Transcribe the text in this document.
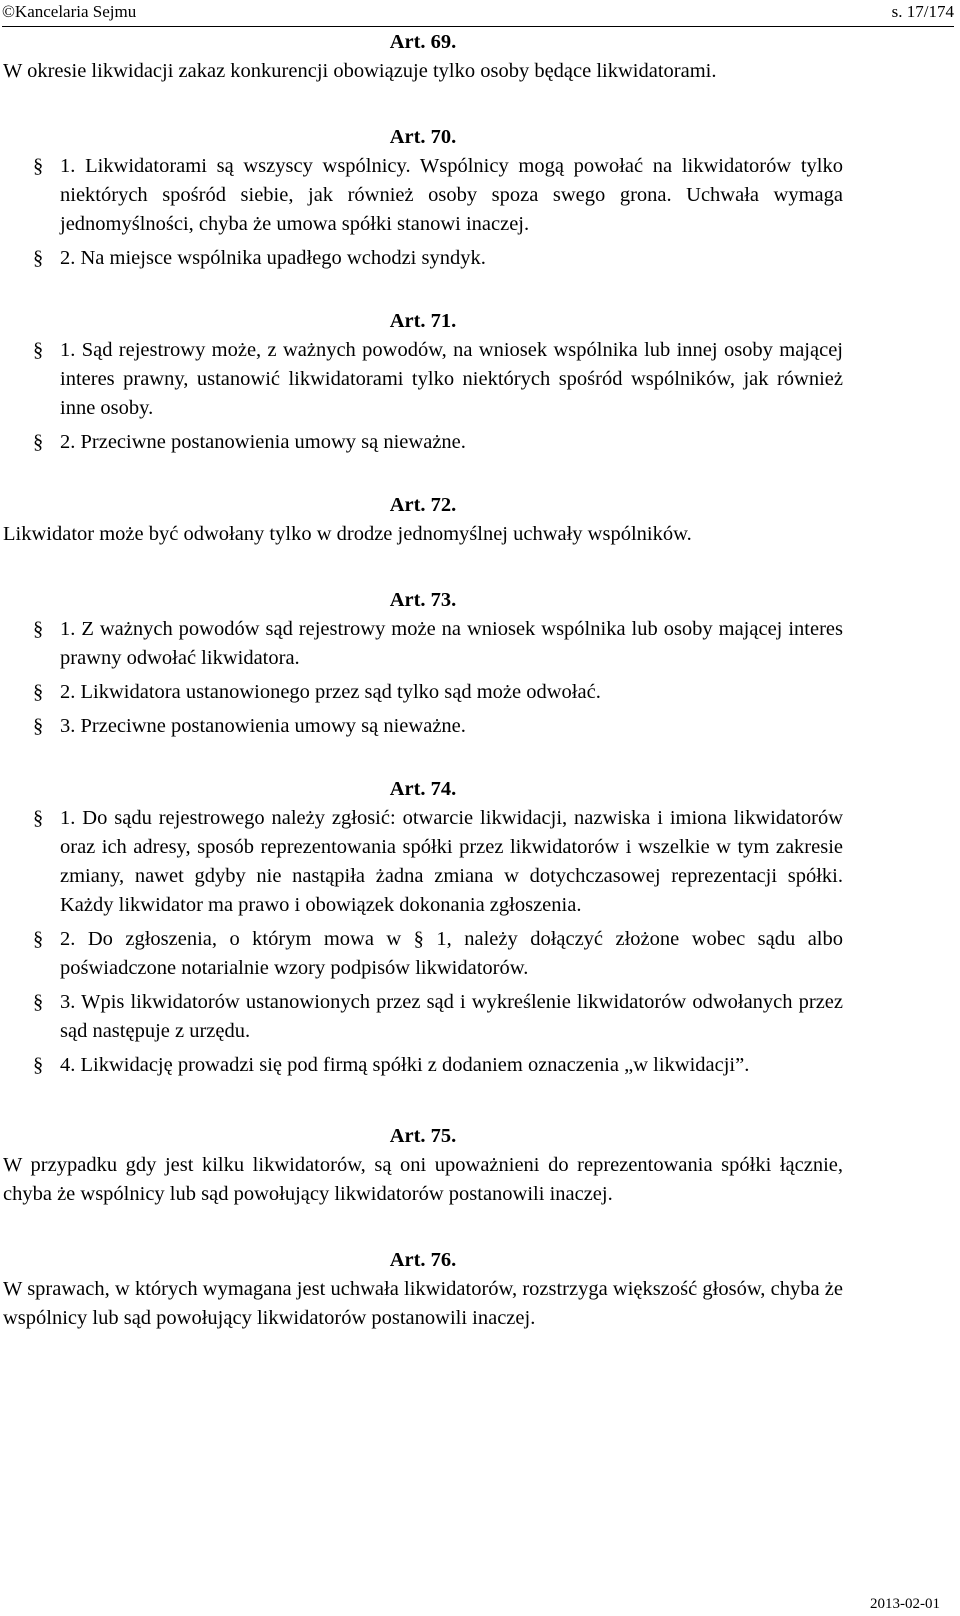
©Kancelaria Sejmu	s. 17/174

Art. 69.

W okresie likwidacji zakaz konkurencji obowiązuje tylko osoby będące likwidatorami.

Art. 70.

§ 1. Likwidatorami są wszyscy wspólnicy. Wspólnicy mogą powołać na likwidatorów tylko niektórych spośród siebie, jak również osoby spoza swego grona. Uchwała wymaga jednomyślności, chyba że umowa spółki stanowi inaczej.
§ 2. Na miejsce wspólnika upadłego wchodzi syndyk.

Art. 71.

§ 1. Sąd rejestrowy może, z ważnych powodów, na wniosek wspólnika lub innej osoby mającej interes prawny, ustanowić likwidatorami tylko niektórych spośród wspólników, jak również inne osoby.
§ 2. Przeciwne postanowienia umowy są nieważne.

Art. 72.

Likwidator może być odwołany tylko w drodze jednomyślnej uchwały wspólników.

Art. 73.

§ 1. Z ważnych powodów sąd rejestrowy może na wniosek wspólnika lub osoby mającej interes prawny odwołać likwidatora.
§ 2. Likwidatora ustanowionego przez sąd tylko sąd może odwołać.
§ 3. Przeciwne postanowienia umowy są nieważne.

Art. 74.

§ 1. Do sądu rejestrowego należy zgłosić: otwarcie likwidacji, nazwiska i imiona likwidatorów oraz ich adresy, sposób reprezentowania spółki przez likwidatorów i wszelkie w tym zakresie zmiany, nawet gdyby nie nastąpiła żadna zmiana w dotychczasowej reprezentacji spółki. Każdy likwidator ma prawo i obowiązek dokonania zgłoszenia.
§ 2. Do zgłoszenia, o którym mowa w § 1, należy dołączyć złożone wobec sądu albo poświadczone notarialnie wzory podpisów likwidatorów.
§ 3. Wpis likwidatorów ustanowionych przez sąd i wykreślenie likwidatorów odwołanych przez sąd następuje z urzędu.
§ 4. Likwidację prowadzi się pod firmą spółki z dodaniem oznaczenia „w likwidacji”.

Art. 75.

W przypadku gdy jest kilku likwidatorów, są oni upoważnieni do reprezentowania spółki łącznie, chyba że wspólnicy lub sąd powołujący likwidatorów postanowili inaczej.

Art. 76.

W sprawach, w których wymagana jest uchwała likwidatorów, rozstrzyga większość głosów, chyba że wspólnicy lub sąd powołujący likwidatorów postanowili inaczej.

2013-02-01
